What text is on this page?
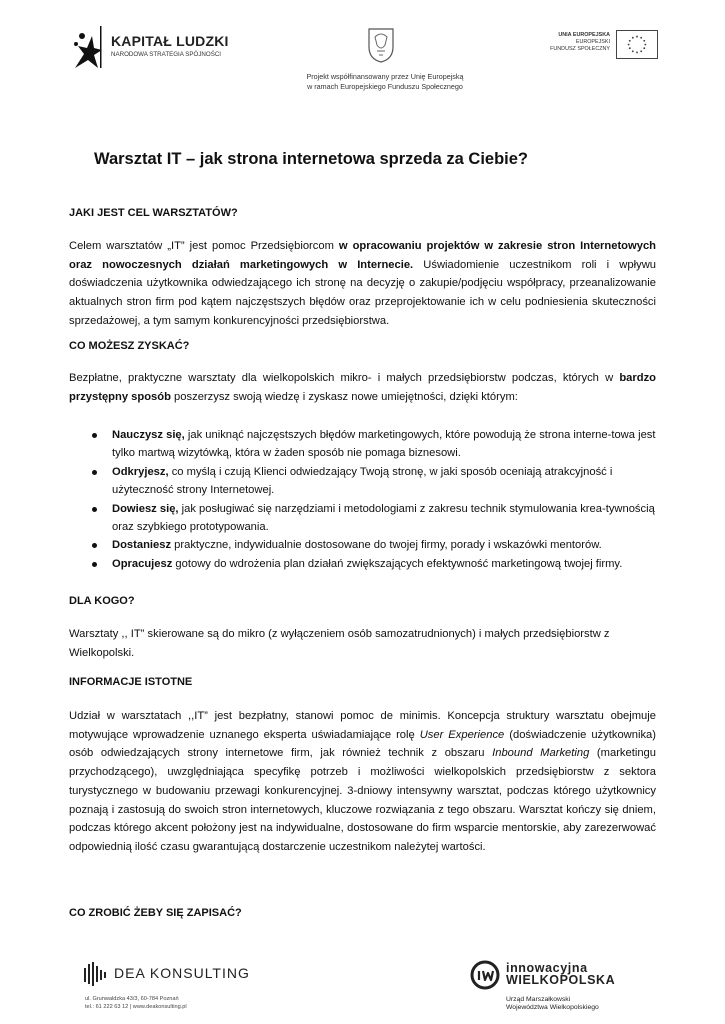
KAPITAŁ LUDZKI
NARODOWA STRATEGIA SPÓJNOŚCI
Projekt współfinansowany przez Unię Europejską
w ramach Europejskiego Funduszu Społecznego
UNIA EUROPEJSKA
EUROPEJSKI
FUNDUSZ SPOŁECZNY
Warsztat IT – jak strona internetowa sprzeda za Ciebie?
JAKI JEST CEL WARSZTATÓW?
Celem warsztatów „IT” jest pomoc Przedsiębiorcom w opracowaniu projektów w zakresie stron Internetowych oraz nowoczesnych działań marketingowych w Internecie. Uświadomienie uczestnikom roli i wpływu doświadczenia użytkownika odwiedzającego ich stronę na decyzję o zakupie/podjęciu współpracy, przeanalizowanie aktualnych stron firm pod kątem najczęstszych błędów oraz przeprojektowanie ich w celu podniesienia skuteczności sprzedażowej, a tym samym konkurencyjności przedsiębiorstwa.
CO MOŻESZ ZYSKAĆ?
Bezpłatne, praktyczne warsztaty dla wielkopolskich mikro- i małych przedsiębiorstw podczas, których w bardzo przystępny sposób poszerzysz swoją wiedzę i zyskasz nowe umiejętności, dzięki którym:
Nauczysz się, jak uniknąć najczęstszych błędów marketingowych, które powodują że strona interne-towa jest tylko martwą wizytówką, która w żaden sposób nie pomaga biznesowi.
Odkryjesz, co myślą i czują Klienci odwiedzający Twoją stronę, w jaki sposób oceniają atrakcyjność i użyteczność strony Internetowej.
Dowiesz się, jak posługiwać się narzędziami i metodologiami z zakresu technik stymulowania krea-tywnością oraz szybkiego prototypowania.
Dostaniesz praktyczne, indywidualnie dostosowane do twojej firmy, porady i wskazówki mentorów.
Opracujesz gotowy do wdrożenia plan działań zwiększających efektywność marketingową twojej firmy.
DLA KOGO?
Warsztaty ,, IT” skierowane są do mikro (z wyłączeniem osób samozatrudnionych) i małych przedsiębiorstw z Wielkopolski.
INFORMACJE ISTOTNE
Udział w warsztatach ,,IT” jest bezpłatny, stanowi pomoc de minimis. Koncepcja struktury warsztatu obejmuje motywujące wprowadzenie uznanego eksperta uświadamiające rolę User Experience (doświadczenie użytkownika) osób odwiedzających strony internetowe firm, jak również technik z obszaru Inbound Marketing (marketingu przychodzącego), uwzględniająca specyfikę potrzeb i możliwości wielkopolskich przedsiębiorstw z sektora turystycznego w budowaniu przewagi konkurencyjnej. 3-dniowy intensywny warsztat, podczas którego użytkownicy poznają i zastosują do swoich stron internetowych, kluczowe rozwiązania z tego obszaru. Warsztat kończy się dniem, podczas którego akcent położony jest na indywidualne, dostosowane do firm wsparcie mentorskie, aby zarezerwować odpowiednią ilość czasu gwarantującą dostarczenie uczestnikom należytej wartości.
CO ZROBIĆ ŻEBY SIĘ ZAPISAĆ?
DEA KONSULTING
ul. Grunwaldzka 43/3, 60-784 Poznań
tel.: 61 222 63 12 | www.deakonsulting.pl
innowacyjna
WIELKOPOLSKA
Urząd Marszałkowski
Województwa Wielkopolskiego
